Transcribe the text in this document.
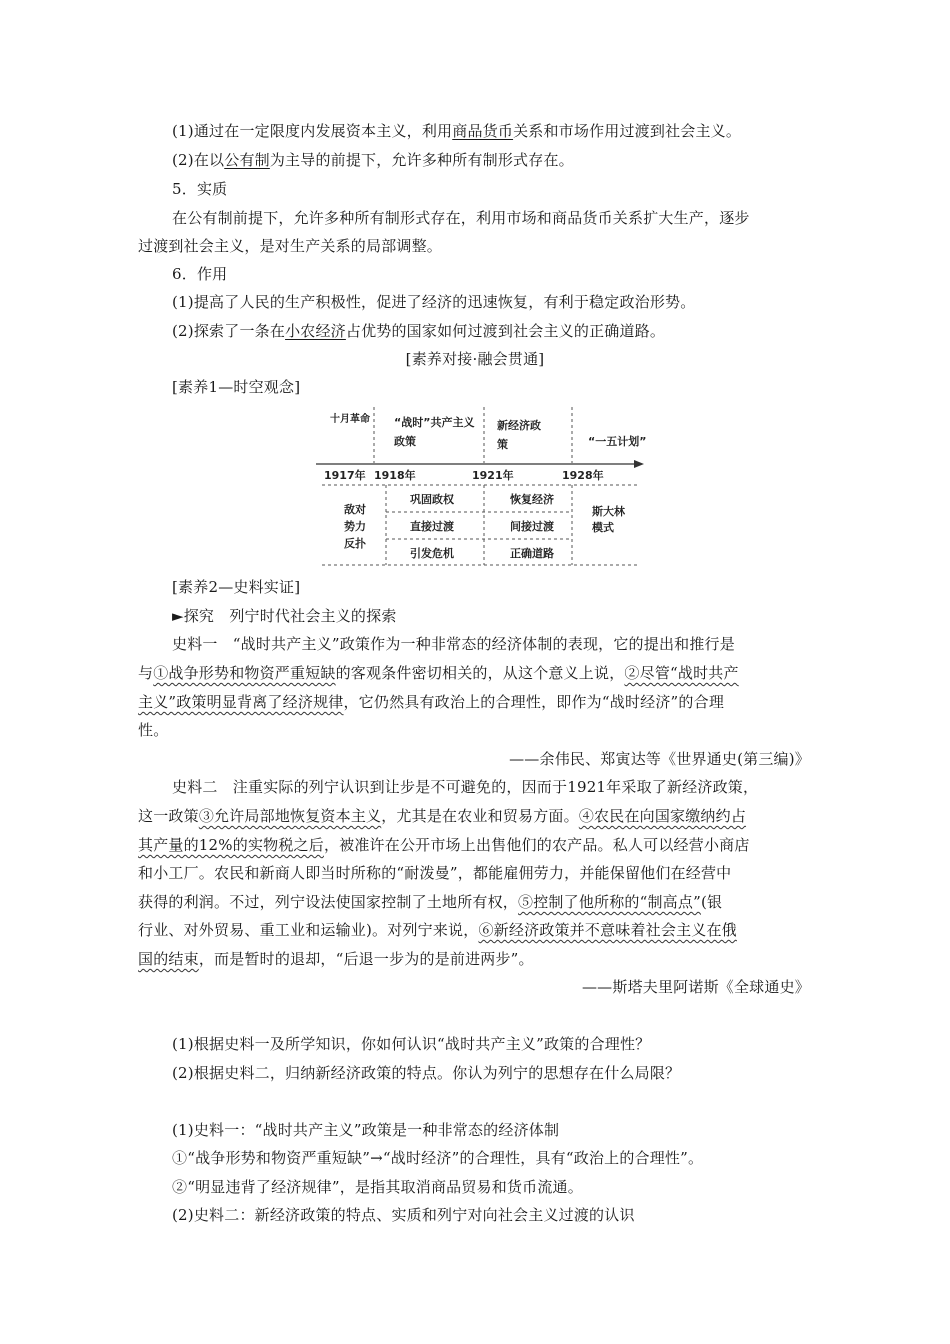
(1)通过在一定限度内发展资本主义，利用商品货币关系和市场作用过渡到社会主义。
(2)在以公有制为主导的前提下，允许多种所有制形式存在。
5．实质
在公有制前提下，允许多种所有制形式存在，利用市场和商品货币关系扩大生产，逐步
过渡到社会主义，是对生产关系的局部调整。
6．作用
(1)提高了人民的生产积极性，促进了经济的迅速恢复，有利于稳定政治形势。
(2)探索了一条在小农经济占优势的国家如何过渡到社会主义的正确道路。
[素养对接·融会贯通]
[素养1—时空观念]
十月革命 “战时”共产主义
政策
新经济政
策	“一五计划”
1917年 1918年	1921年	1928年
敌对
势力
反扑
巩固政权
直接过渡
引发危机
恢复经济
间接过渡
正确道路
斯大林
模式
[素养2—史料实证]
►探究　列宁时代社会主义的探索
史料一　“战时共产主义”政策作为一种非常态的经济体制的表现，它的提出和推行是
与①战争形势和物资严重短缺的客观条件密切相关的，从这个意义上说，②尽管“战时共产
主义”政策明显背离了经济规律，它仍然具有政治上的合理性，即作为“战时经济”的合理
性。
——余伟民、郑寅达等《世界通史(第三编)》
史料二　注重实际的列宁认识到让步是不可避免的，因而于1921年采取了新经济政策，
这一政策③允许局部地恢复资本主义，尤其是在农业和贸易方面。④农民在向国家缴纳约占
其产量的12%的实物税之后，被准许在公开市场上出售他们的农产品。私人可以经营小商店
和小工厂。农民和新商人即当时所称的“耐泼曼”，都能雇佣劳力，并能保留他们在经营中
获得的利润。不过，列宁设法使国家控制了土地所有权，⑤控制了他所称的“制高点”(银
行业、对外贸易、重工业和运输业)。对列宁来说，⑥新经济政策并不意味着社会主义在俄
国的结束，而是暂时的退却，“后退一步为的是前进两步”。
——斯塔夫里阿诺斯《全球通史》
(1)根据史料一及所学知识，你如何认识“战时共产主义”政策的合理性？
(2)根据史料二，归纳新经济政策的特点。你认为列宁的思想存在什么局限？
(1)史料一：“战时共产主义”政策是一种非常态的经济体制
①“战争形势和物资严重短缺”→“战时经济”的合理性，具有“政治上的合理性”。
②“明显违背了经济规律”，是指其取消商品贸易和货币流通。
(2)史料二：新经济政策的特点、实质和列宁对向社会主义过渡的认识
